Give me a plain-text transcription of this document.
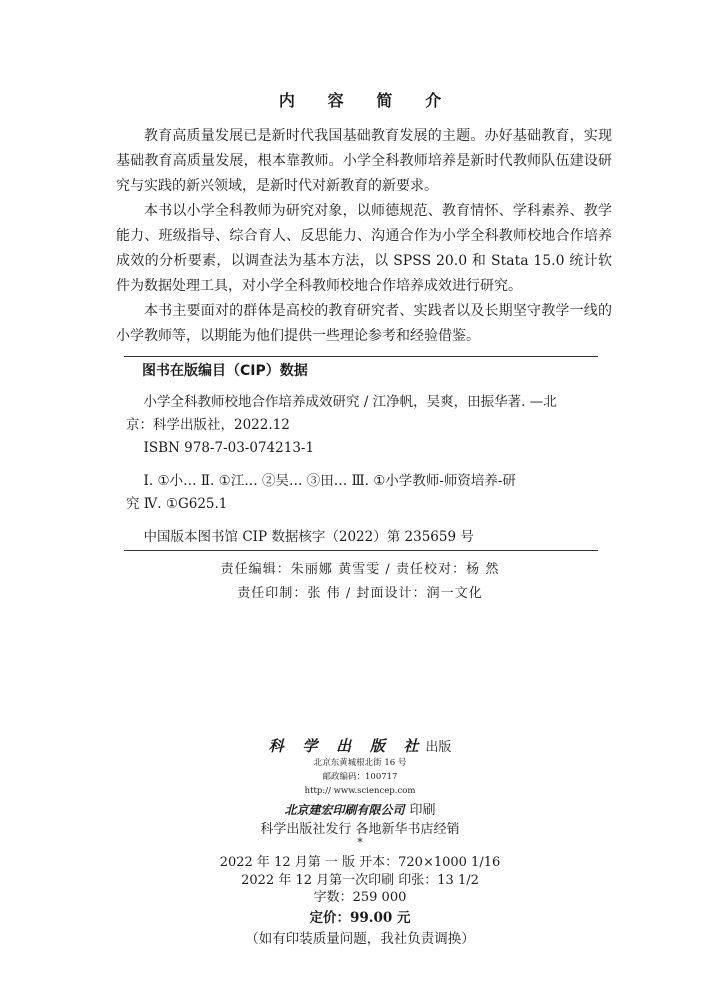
内 容 简 介

教育高质量发展已是新时代我国基础教育发展的主题。办好基础教育，实现基础教育高质量发展，根本靠教师。小学全科教师培养是新时代教师队伍建设研究与实践的新兴领域，是新时代对新教育的新要求。

本书以小学全科教师为研究对象，以师德规范、教育情怀、学科素养、教学能力、班级指导、综合育人、反思能力、沟通合作为小学全科教师校地合作培养成效的分析要素，以调查法为基本方法，以 SPSS 20.0 和 Stata 15.0 统计软件为数据处理工具，对小学全科教师校地合作培养成效进行研究。

本书主要面对的群体是高校的教育研究者、实践者以及长期坚守教学一线的小学教师等，以期能为他们提供一些理论参考和经验借鉴。

图书在版编目（CIP）数据

小学全科教师校地合作培养成效研究 / 江净帆，吴爽，田振华著. —北

京：科学出版社，2022.12

ISBN 978-7-03-074213-1

Ⅰ. ①小… Ⅱ. ①江… ②吴… ③田… Ⅲ. ①小学教师-师资培养-研

究 Ⅳ. ①G625.1

中国版本图书馆 CIP 数据核字（2022）第 235659 号

责任编辑：朱丽娜 黄雪雯 / 责任校对：杨 然
责任印制：张 伟 / 封面设计：润一文化
科 学 出 版 社出版
北京东黄城根北街 16 号
邮政编码：100717
http:// www.sciencep.com
北京建宏印刷有限公司 印刷
科学出版社发行 各地新华书店经销
*
2022 年 12 月第 一 版 开本：720×1000 1/16
2022 年 12 月第一次印刷 印张：13 1/2
字数：259 000
定价：99.00 元
（如有印装质量问题，我社负责调换）
